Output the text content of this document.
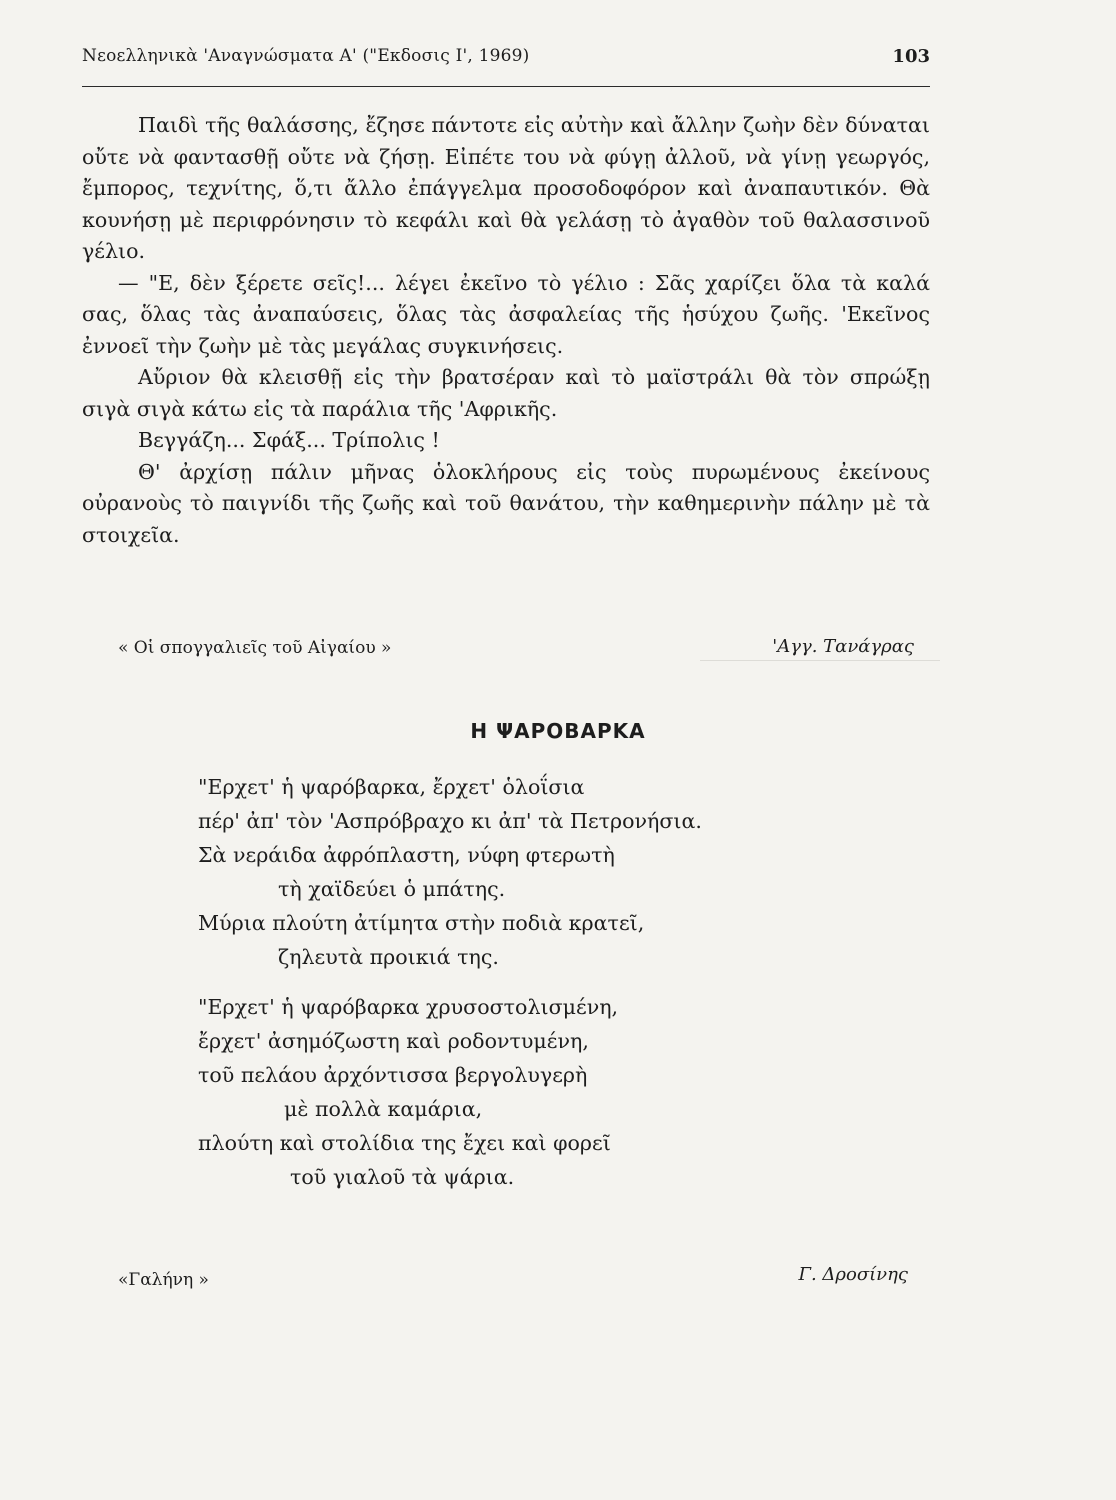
Νεοελληνικὰ 'Αναγνώσματα Α' ("Εκδοσις Ι', 1969)	103

Παιδὶ τῆς θαλάσσης, ἔζησε πάντοτε εἰς αὐτὴν καὶ ἄλλην ζωὴν δὲν δύναται οὔτε νὰ φαντασθῇ οὔτε νὰ ζήσῃ. Εἰπέτε του νὰ φύγῃ ἀλλοῦ, νὰ γίνῃ γεωργός, ἔμπορος, τεχνίτης, ὅ,τι ἄλλο ἐπάγγελμα προσοδοφόρον καὶ ἀναπαυτικόν. Θὰ κουνήσῃ μὲ περιφρόνησιν τὸ κεφάλι καὶ θὰ γελάσῃ τὸ ἀγαθὸν τοῦ θαλασσινοῦ γέλιο.

— "Ε, δὲν ξέρετε σεῖς!... λέγει ἐκεῖνο τὸ γέλιο : Σᾶς χαρίζει ὅλα τὰ καλά σας, ὅλας τὰς ἀναπαύσεις, ὅλας τὰς ἀσφαλείας τῆς ἡσύχου ζωῆς. 'Εκεῖνος ἐννοεῖ τὴν ζωὴν μὲ τὰς μεγάλας συγκινήσεις.

Αὔριον θὰ κλεισθῇ εἰς τὴν βρατσέραν καὶ τὸ μαϊστράλι θὰ τὸν σπρώξῃ σιγὰ σιγὰ κάτω εἰς τὰ παράλια τῆς 'Αφρικῆς.

Βεγγάζη... Σφάξ... Τρίπολις !

Θ' ἀρχίσῃ πάλιν μῆνας ὁλοκλήρους εἰς τοὺς πυρωμένους ἐκείνους οὐρανοὺς τὸ παιγνίδι τῆς ζωῆς καὶ τοῦ θανάτου, τὴν καθημερινὴν πάλην μὲ τὰ στοιχεῖα.

« Οἱ σπογγαλιεῖς τοῦ Αἰγαίου »	'Αγγ. Τανάγρας
Η ΨΑΡΟΒΑΡΚΑ
"Ερχετ' ἡ ψαρόβαρκα, ἔρχετ' ὁλοΐσια
πέρ' ἀπ' τὸν 'Ασπρόβραχο κι ἀπ' τὰ Πετρονήσια.
Σὰ νεράιδα ἀφρόπλαστη, νύφη φτερωτὴ
τὴ χαϊδεύει ὁ μπάτης.
Μύρια πλούτη ἀτίμητα στὴν ποδιὰ κρατεῖ,
ζηλευτὰ προικιά της.
"Ερχετ' ἡ ψαρόβαρκα χρυσοστολισμένη,
ἔρχετ' ἀσημόζωστη καὶ ροδοντυμένη,
τοῦ πελάου ἀρχόντισσα βεργολυγερὴ
μὲ πολλὰ καμάρια,
πλούτη καὶ στολίδια της ἔχει καὶ φορεῖ
τοῦ γιαλοῦ τὰ ψάρια.
«Γαλήνη »	Γ. Δροσίνης
